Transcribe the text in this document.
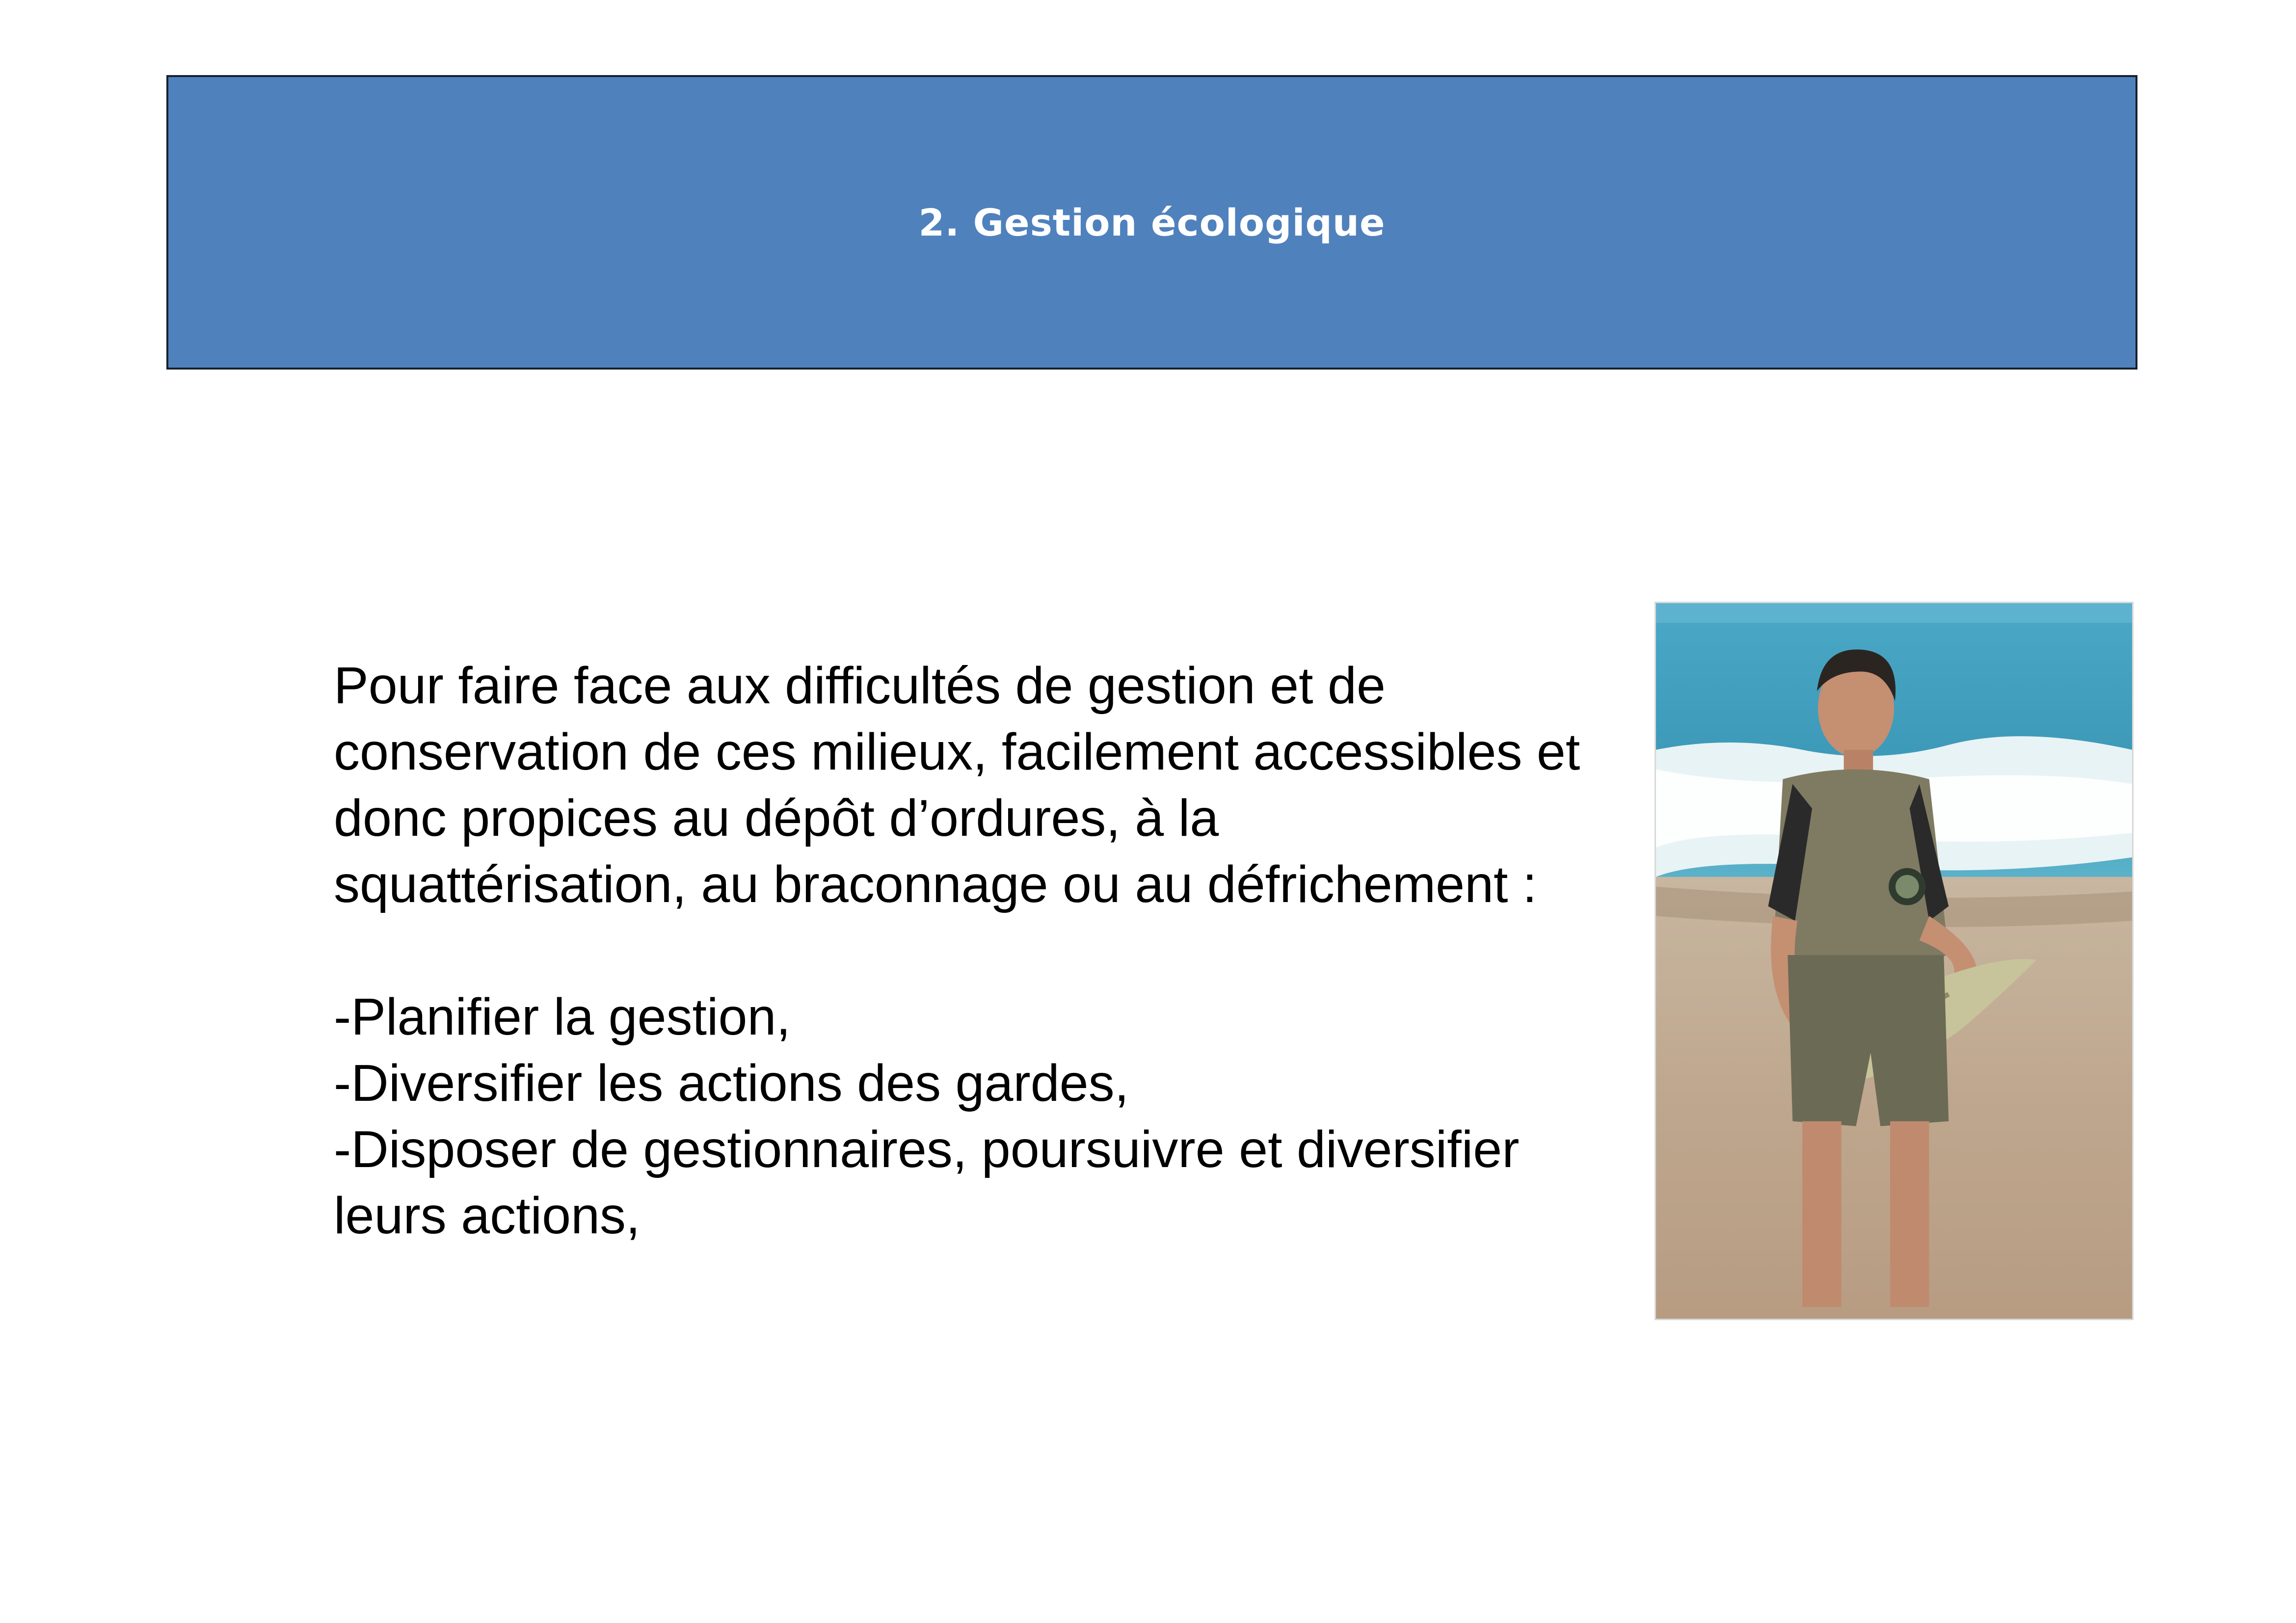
2. Gestion écologique

Pour faire face aux difficultés de gestion et de conservation de ces milieux, facilement accessibles et donc propices au dépôt d’ordures, à la squattérisation, au braconnage ou au défrichement :

-Planifier la gestion,

-Diversifier les actions des gardes,

-Disposer de gestionnaires, poursuivre et diversifier leurs actions,
